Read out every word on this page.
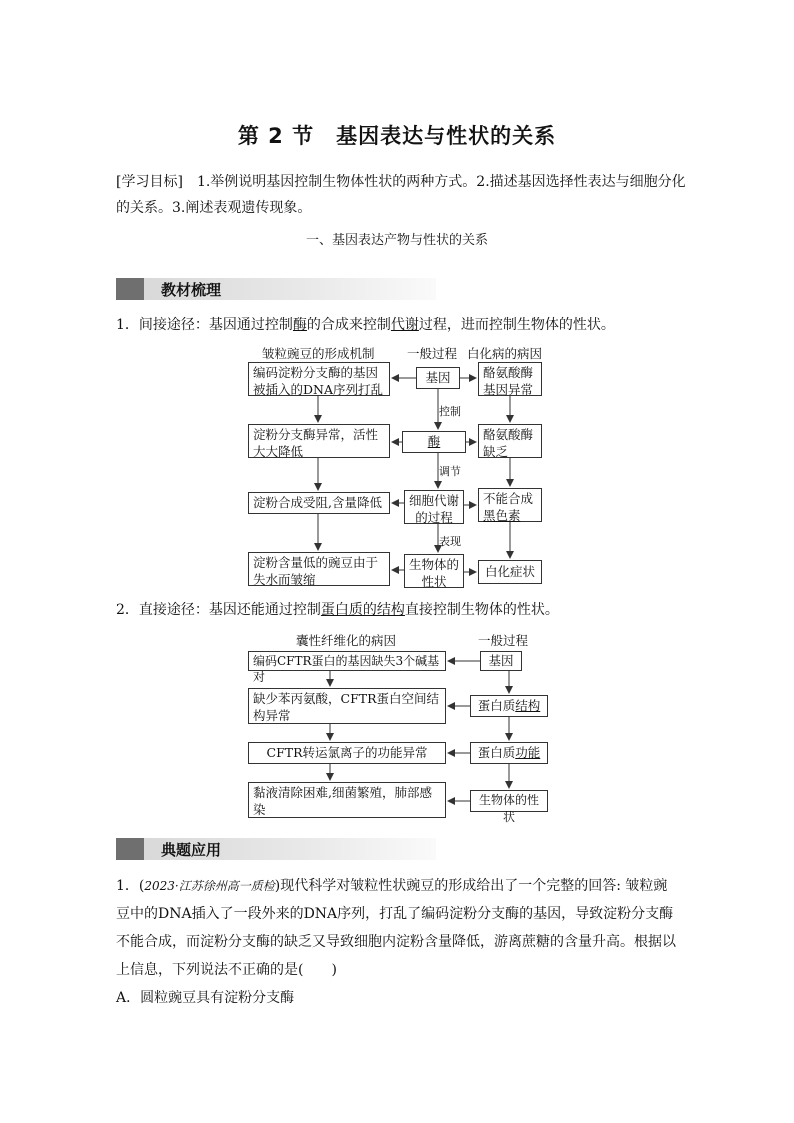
第 2 节　基因表达与性状的关系
[学习目标]　 1.举例说明基因控制生物体性状的两种方式。2.描述基因选择性表达与细胞分化
的关系。3.阐述表观遗传现象。
一、基因表达产物与性状的关系
教材梳理
1．间接途径：基因通过控制酶的合成来控制代谢过程，进而控制生物体的性状。
皱粒豌豆的形成机制	一般过程 白化病的病因
编码淀粉分支酶的基因被插入的DNA序列打乱
淀粉分支酶异常，活性大大降低
淀粉合成受阻,含量降低
淀粉含量低的豌豆由于失水而皱缩
基因
酶
细胞代谢的过程
生物体的性状
酪氨酸酶基因异常
酪氨酸酶缺乏
不能合成
黑色素
白化症状
控制
调节
表现
2．直接途径：基因还能通过控制蛋白质的结构直接控制生物体的性状。
囊性纤维化的病因	一般过程
编码CFTR蛋白的基因缺失3个碱基对
缺少苯丙氨酸，CFTR蛋白空间结构异常
CFTR转运氯离子的功能异常
黏液清除困难,细菌繁殖，肺部感染
基因
蛋白质结构
蛋白质功能
生物体的性状
典题应用
1．(2023·江苏徐州高一质检)现代科学对皱粒性状豌豆的形成给出了一个完整的回答: 皱粒豌
豆中的DNA插入了一段外来的DNA序列，打乱了编码淀粉分支酶的基因，导致淀粉分支酶
不能合成，而淀粉分支酶的缺乏又导致细胞内淀粉含量降低，游离蔗糖的含量升高。根据以
上信息，下列说法不正确的是(　　)
A．圆粒豌豆具有淀粉分支酶
